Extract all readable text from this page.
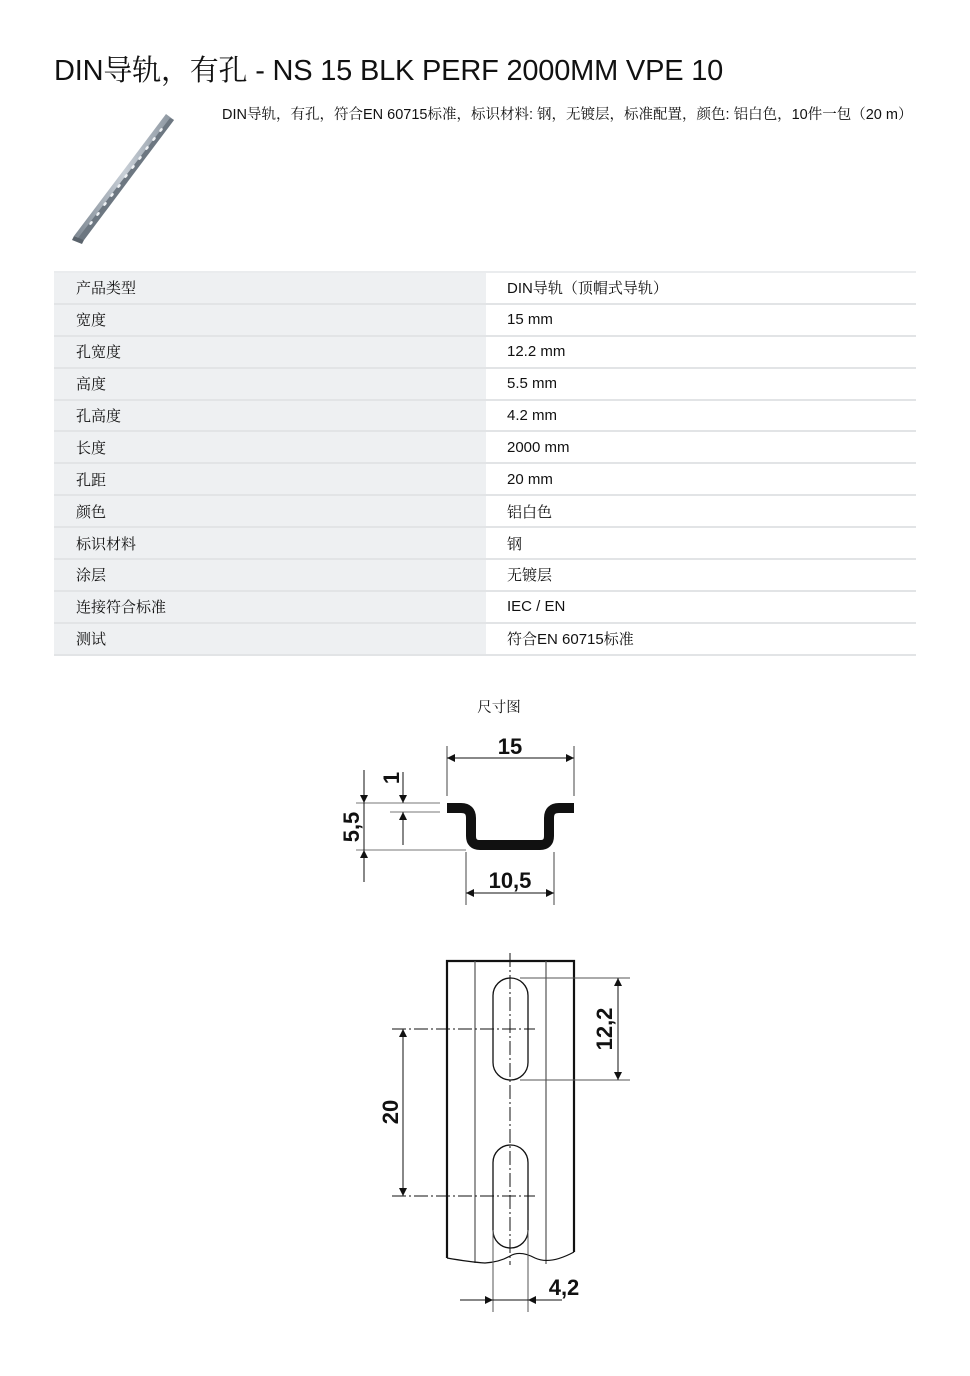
DIN导轨，有孔 - NS 15 BLK PERF 2000MM VPE 10
DIN导轨，有孔，符合EN 60715标准，标识材料: 钢，无镀层，标准配置，颜色: 铝白色，10件一包（20 m）
产品类型	DIN导轨（顶帽式导轨）
宽度	15 mm
孔宽度	12.2 mm
高度	5.5 mm
孔高度	4.2 mm
长度	2000 mm
孔距	20 mm
颜色	铝白色
标识材料	钢
涂层	无镀层
连接符合标准	IEC / EN
测试	符合EN 60715标准
尺寸图
15
10,5
5,5
1
12,2
20
4,2
